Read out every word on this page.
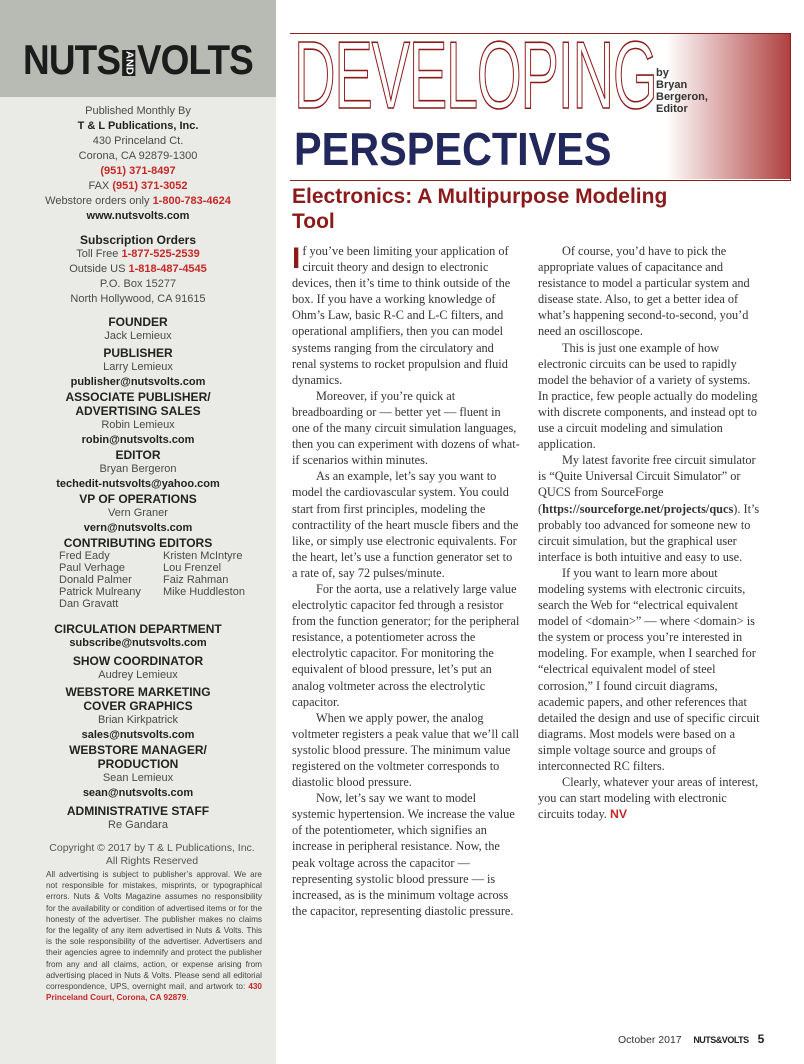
NUTS ANDVOLTS
Published Monthly By
T & L Publications, Inc.
430 Princeland Ct.
Corona, CA 92879-1300
(951) 371-8497
FAX (951) 371-3052
Webstore orders only 1-800-783-4624
www.nutsvolts.com
Subscription Orders
Toll Free 1-877-525-2539
Outside US 1-818-487-4545
P.O. Box 15277
North Hollywood, CA 91615
FOUNDER
Jack Lemieux
PUBLISHER
Larry Lemieux
publisher@nutsvolts.com
ASSOCIATE PUBLISHER/
ADVERTISING SALES
Robin Lemieux
robin@nutsvolts.com
EDITOR
Bryan Bergeron
techedit-nutsvolts@yahoo.com
VP OF OPERATIONS
Vern Graner
vern@nutsvolts.com
CONTRIBUTING EDITORS
Fred Eady
Paul Verhage
Donald Palmer
Patrick Mulreany
Dan Gravatt
Kristen McIntyre
Lou Frenzel
Faiz Rahman
Mike Huddleston
CIRCULATION DEPARTMENT
subscribe@nutsvolts.com
SHOW COORDINATOR
Audrey Lemieux
WEBSTORE MARKETING
COVER GRAPHICS
Brian Kirkpatrick
sales@nutsvolts.com
WEBSTORE MANAGER/
PRODUCTION
Sean Lemieux
sean@nutsvolts.com
ADMINISTRATIVE STAFF
Re Gandara
Copyright © 2017 by T & L Publications, Inc.
All Rights Reserved
All advertising is subject to publisher’s approval. We are not responsible for mistakes, misprints, or typographical errors. Nuts & Volts Magazine assumes no responsibility for the availability or condition of advertised items or for the honesty of the advertiser. The publisher makes no claims for the legality of any item advertised in Nuts & Volts. This is the sole responsibility of the advertiser. Advertisers and their agencies agree to indemnify and protect the publisher from any and all claims, action, or expense arising from advertising placed in Nuts & Volts. Please send all editorial correspondence, UPS, overnight mail, and artwork to: 430 Princeland Court, Corona, CA 92879.
DEVELOPING
PERSPECTIVES
by
Bryan
Bergeron,
Editor
Electronics: A Multipurpose Modeling Tool

If you’ve been limiting your application of circuit theory and design to electronic devices, then it’s time to think outside of the box. If you have a working knowledge of Ohm’s Law, basic R-C and L-C filters, and operational amplifiers, then you can model systems ranging from the circulatory and renal systems to rocket propulsion and fluid dynamics.

Moreover, if you’re quick at breadboarding or — better yet — fluent in one of the many circuit simulation languages, then you can experiment with dozens of what-if scenarios within minutes.

As an example, let’s say you want to model the cardiovascular system. You could start from first principles, modeling the contractility of the heart muscle fibers and the like, or simply use electronic equivalents. For the heart, let’s use a function generator set to a rate of, say 72 pulses/minute.

For the aorta, use a relatively large value electrolytic capacitor fed through a resistor from the function generator; for the peripheral resistance, a potentiometer across the electrolytic capacitor. For monitoring the equivalent of blood pressure, let’s put an analog voltmeter across the electrolytic capacitor.

When we apply power, the analog voltmeter registers a peak value that we’ll call systolic blood pressure. The minimum value registered on the voltmeter corresponds to diastolic blood pressure.

Now, let’s say we want to model systemic hypertension. We increase the value of the potentiometer, which signifies an increase in peripheral resistance. Now, the peak voltage across the capacitor — representing systolic blood pressure — is increased, as is the minimum voltage across the capacitor, representing diastolic pressure.

Of course, you’d have to pick the appropriate values of capacitance and resistance to model a particular system and disease state. Also, to get a better idea of what’s happening second-to-second, you’d need an oscilloscope.

This is just one example of how electronic circuits can be used to rapidly model the behavior of a variety of systems. In practice, few people actually do modeling with discrete components, and instead opt to use a circuit modeling and simulation application.

My latest favorite free circuit simulator is “Quite Universal Circuit Simulator” or QUCS from SourceForge (https://sourceforge.net/projects/qucs). It’s probably too advanced for someone new to circuit simulation, but the graphical user interface is both intuitive and easy to use.

If you want to learn more about modeling systems with electronic circuits, search the Web for “electrical equivalent model of <domain>” — where <domain> is the system or process you’re interested in modeling. For example, when I searched for “electrical equivalent model of steel corrosion,” I found circuit diagrams, academic papers, and other references that detailed the design and use of specific circuit diagrams. Most models were based on a simple voltage source and groups of interconnected RC filters.

Clearly, whatever your areas of interest, you can start modeling with electronic circuits today. NV

October 2017 NUTS&VOLTS 5
